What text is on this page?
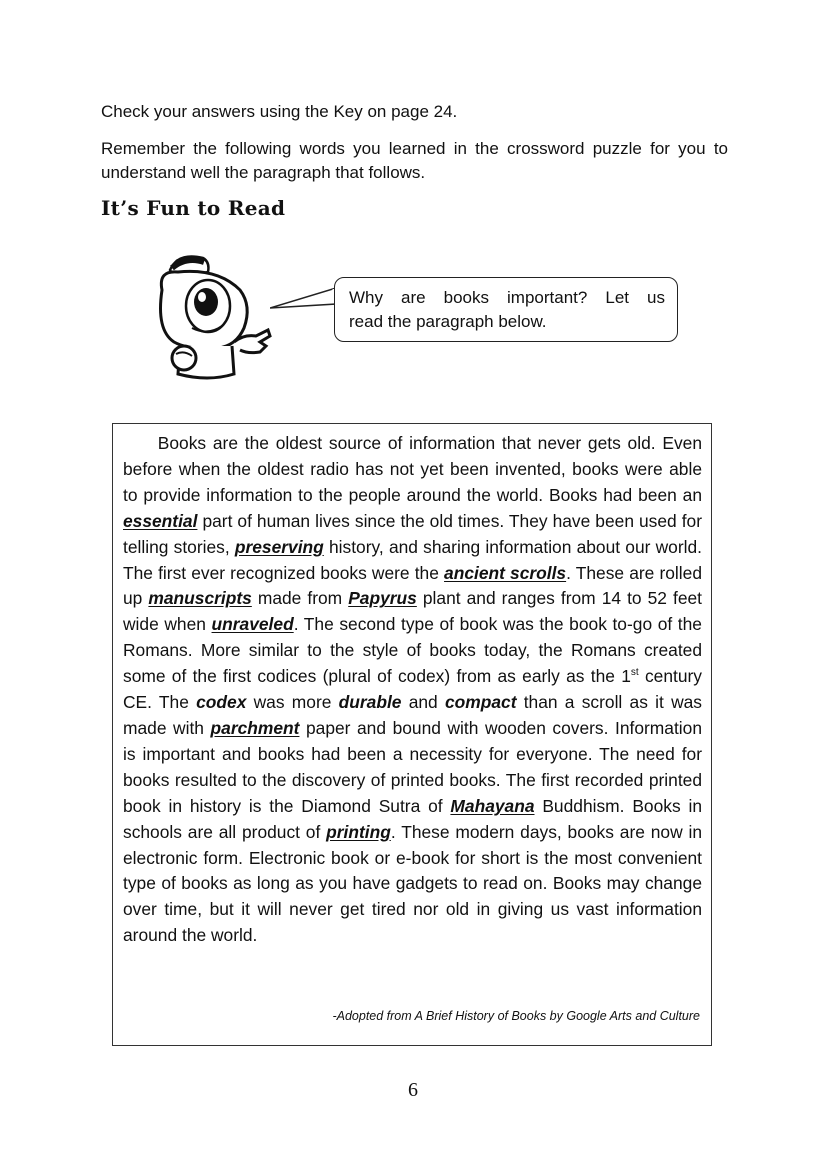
Check your answers using the Key on page 24.

Remember the following words you learned in the crossword puzzle for you to understand well the paragraph that follows.

It’s Fun to Read
Why are books important? Let us
read the paragraph below.

  Books are the oldest source of information that never gets old. Even before when the oldest radio has not yet been invented, books were able to provide information to the people around the world. Books had been an essential part of human lives since the old times. They have been used for telling stories, preserving history, and sharing information about our world. The first ever recognized books were the ancient scrolls. These are rolled up manuscripts made from Papyrus plant and ranges from 14 to 52 feet wide when unraveled. The second type of book was the book to-go of the Romans. More similar to the style of books today, the Romans created some of the first codices (plural of codex) from as early as the 1st century CE. The codex was more durable and compact than a scroll as it was made with parchment paper and bound with wooden covers. Information is important and books had been a necessity for everyone. The need for books resulted to the discovery of printed books. The first recorded printed book in history is the Diamond Sutra of Mahayana Buddhism. Books in schools are all product of printing. These modern days, books are now in electronic form. Electronic book or e-book for short is the most convenient type of books as long as you have gadgets to read on. Books may change over time, but it will never get tired nor old in giving us vast information around the world.

-Adopted from A Brief History of Books by Google Arts and Culture
6
